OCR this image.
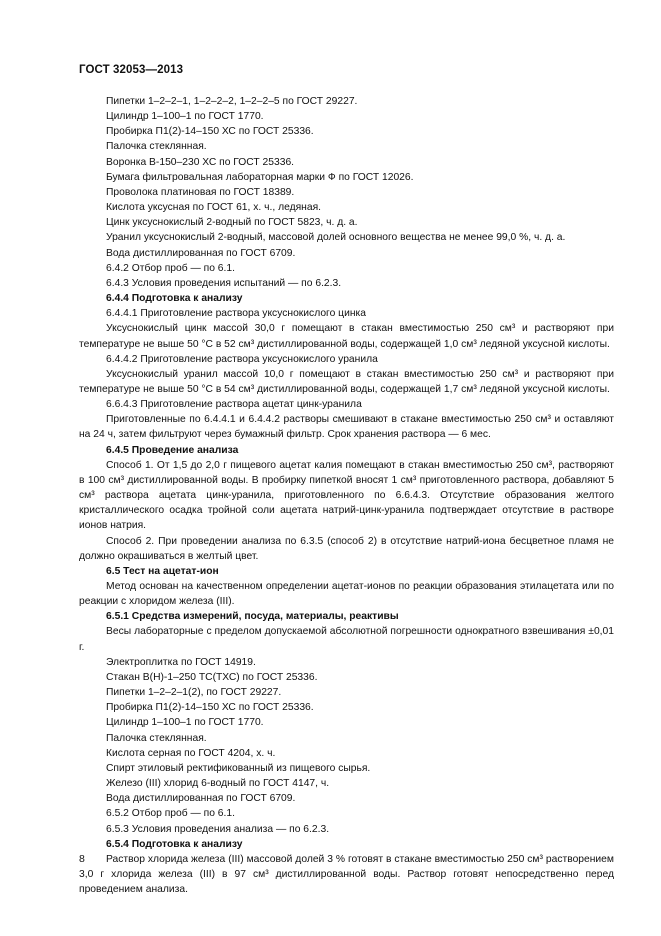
ГОСТ 32053—2013

Пипетки 1–2–2–1, 1–2–2–2, 1–2–2–5 по ГОСТ 29227.

Цилиндр 1–100–1 по ГОСТ 1770.

Пробирка П1(2)-14–150 ХС по ГОСТ 25336.

Палочка стеклянная.

Воронка В-150–230 ХС по ГОСТ 25336.

Бумага фильтровальная лабораторная марки Ф по ГОСТ 12026.

Проволока платиновая по ГОСТ 18389.

Кислота уксусная по ГОСТ 61, х. ч., ледяная.

Цинк уксуснокислый 2-водный по ГОСТ 5823, ч. д. а.

Уранил уксуснокислый 2-водный, массовой долей основного вещества не менее 99,0 %, ч. д. а.

Вода дистиллированная по ГОСТ 6709.

6.4.2 Отбор проб — по 6.1.

6.4.3 Условия проведения испытаний — по 6.2.3.

6.4.4 Подготовка к анализу

6.4.4.1 Приготовление раствора уксуснокислого цинка

Уксуснокислый цинк массой 30,0 г помещают в стакан вместимостью 250 см³ и растворяют при температуре не выше 50 °С в 52 см³ дистиллированной воды, содержащей 1,0 см³ ледяной уксусной кислоты.

6.4.4.2 Приготовление раствора уксуснокислого уранила

Уксуснокислый уранил массой 10,0 г помещают в стакан вместимостью 250 см³ и растворяют при температуре не выше 50 °С в 54 см³ дистиллированной воды, содержащей 1,7 см³ ледяной уксусной кислоты.

6.6.4.3 Приготовление раствора ацетат цинк-уранила

Приготовленные по 6.4.4.1 и 6.4.4.2 растворы смешивают в стакане вместимостью 250 см³ и оставляют на 24 ч, затем фильтруют через бумажный фильтр. Срок хранения раствора — 6 мес.

6.4.5 Проведение анализа

Способ 1. От 1,5 до 2,0 г пищевого ацетат калия помещают в стакан вместимостью 250 см³, растворяют в 100 см³ дистиллированной воды. В пробирку пипеткой вносят 1 см³ приготовленного раствора, добавляют 5 см³ раствора ацетата цинк-уранила, приготовленного по 6.6.4.3. Отсутствие образования желтого кристаллического осадка тройной соли ацетата натрий-цинк-уранила подтверждает отсутствие в растворе ионов натрия.

Способ 2. При проведении анализа по 6.3.5 (способ 2) в отсутствие натрий-иона бесцветное пламя не должно окрашиваться в желтый цвет.

6.5 Тест на ацетат-ион

Метод основан на качественном определении ацетат-ионов по реакции образования этилацетата или по реакции с хлоридом железа (III).

6.5.1 Средства измерений, посуда, материалы, реактивы

Весы лабораторные с пределом допускаемой абсолютной погрешности однократного взвешивания ±0,01 г.

Электроплитка по ГОСТ 14919.

Стакан В(Н)-1–250 ТС(ТХС) по ГОСТ 25336.

Пипетки 1–2–2–1(2), по ГОСТ 29227.

Пробирка П1(2)-14–150 ХС по ГОСТ 25336.

Цилиндр 1–100–1 по ГОСТ 1770.

Палочка стеклянная.

Кислота серная по ГОСТ 4204, х. ч.

Спирт этиловый ректификованный из пищевого сырья.

Железо (III) хлорид 6-водный по ГОСТ 4147, ч.

Вода дистиллированная по ГОСТ 6709.

6.5.2 Отбор проб — по 6.1.

6.5.3 Условия проведения анализа — по 6.2.3.

6.5.4 Подготовка к анализу

Раствор хлорида железа (III) массовой долей 3 % готовят в стакане вместимостью 250 см³ растворением 3,0 г хлорида железа (III) в 97 см³ дистиллированной воды. Раствор готовят непосредственно перед проведением анализа.

8
